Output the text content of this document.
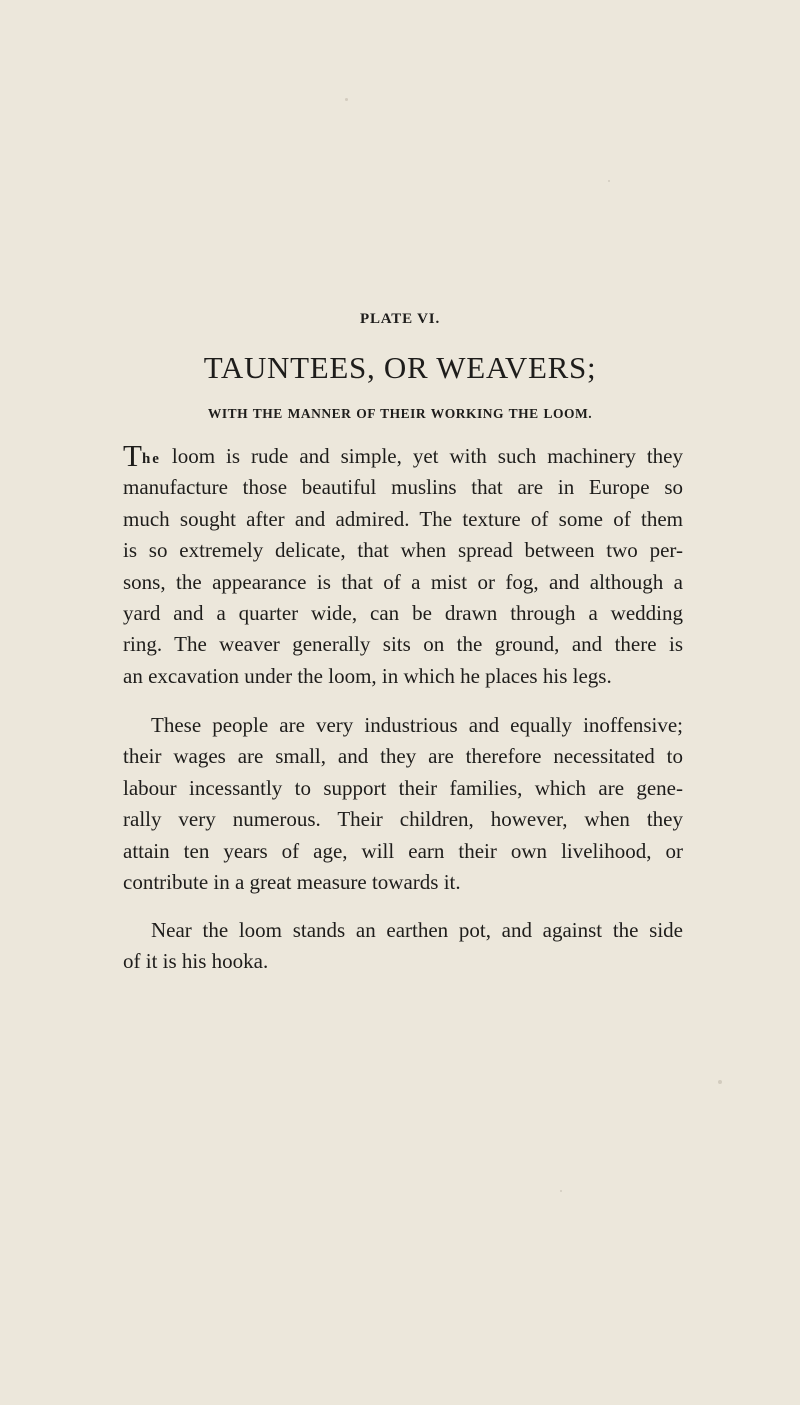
PLATE VI.
TAUNTEES, OR WEAVERS;
WITH THE MANNER OF THEIR WORKING THE LOOM.
The loom is rude and simple, yet with such machinery they
manufacture those beautiful muslins that are in Europe so
much sought after and admired. The texture of some of them
is so extremely delicate, that when spread between two per-
sons, the appearance is that of a mist or fog, and although a
yard and a quarter wide, can be drawn through a wedding
ring. The weaver generally sits on the ground, and there is
an excavation under the loom, in which he places his legs.
These people are very industrious and equally inoffensive;
their wages are small, and they are therefore necessitated to
labour incessantly to support their families, which are gene-
rally very numerous. Their children, however, when they
attain ten years of age, will earn their own livelihood, or
contribute in a great measure towards it.
Near the loom stands an earthen pot, and against the side
of it is his hooka.
